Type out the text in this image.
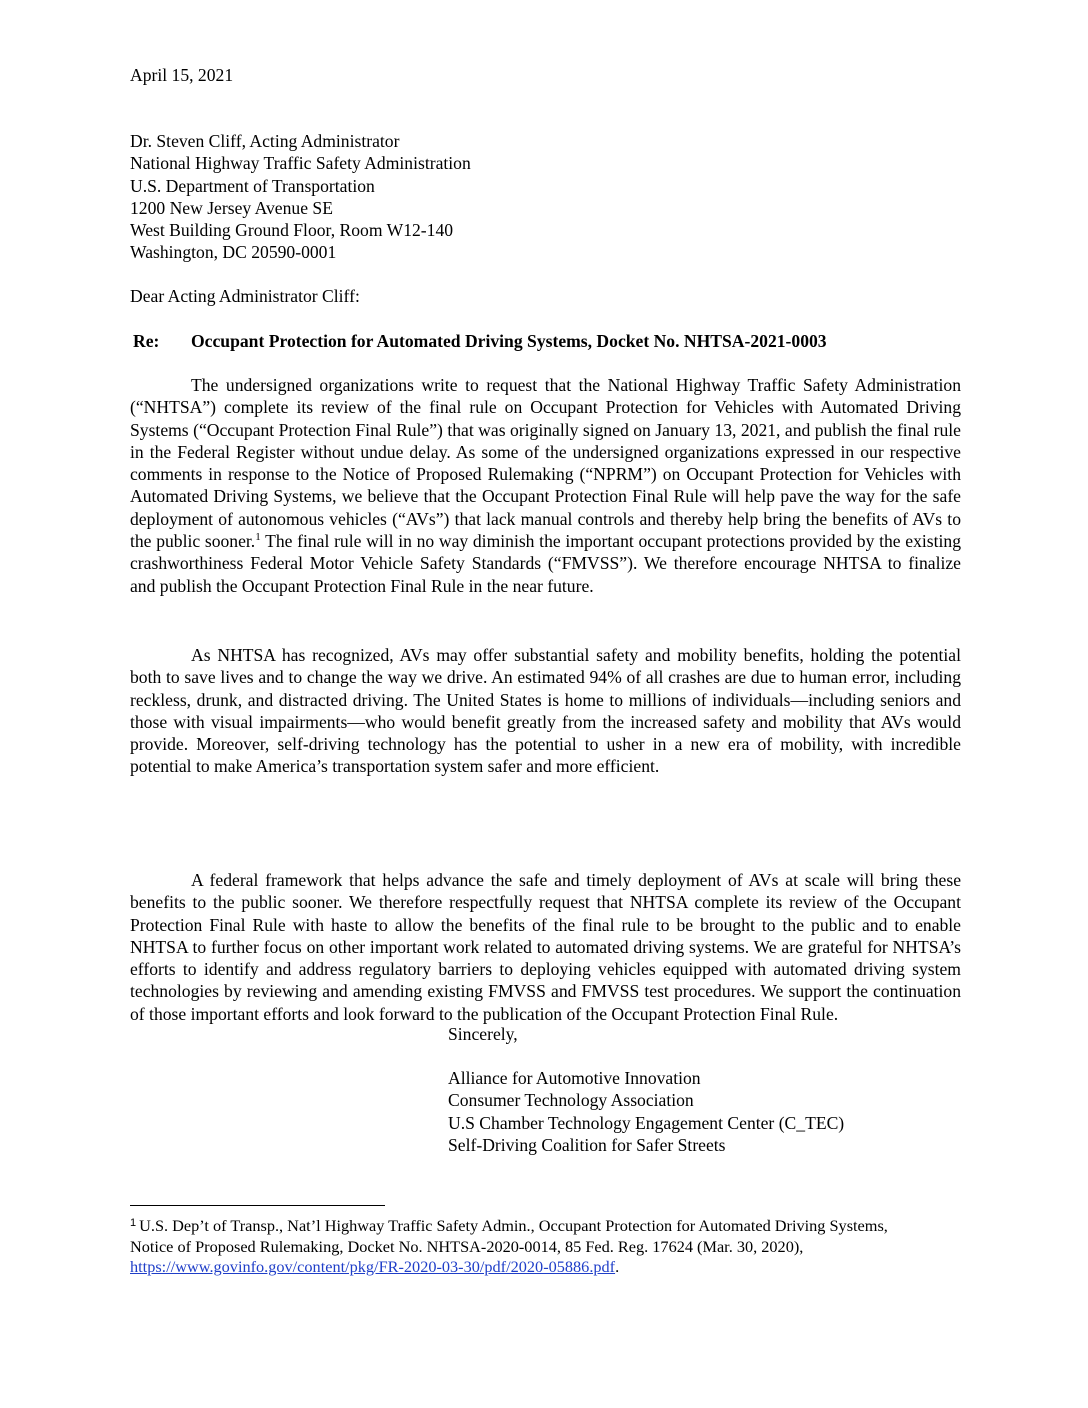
April 15, 2021

Dr. Steven Cliff, Acting Administrator
National Highway Traffic Safety Administration
U.S. Department of Transportation
1200 New Jersey Avenue SE
West Building Ground Floor, Room W12-140
Washington, DC 20590-0001

Dear Acting Administrator Cliff:

Re: Occupant Protection for Automated Driving Systems, Docket No. NHTSA-2021-0003

The undersigned organizations write to request that the National Highway Traffic Safety Administration (“NHTSA”) complete its review of the final rule on Occupant Protection for Vehicles with Automated Driving Systems (“Occupant Protection Final Rule”) that was originally signed on January 13, 2021, and publish the final rule in the Federal Register without undue delay. As some of the undersigned organizations expressed in our respective comments in response to the Notice of Proposed Rulemaking (“NPRM”) on Occupant Protection for Vehicles with Automated Driving Systems, we believe that the Occupant Protection Final Rule will help pave the way for the safe deployment of autonomous vehicles (“AVs”) that lack manual controls and thereby help bring the benefits of AVs to the public sooner.$^1$ The final rule will in no way diminish the important occupant protections provided by the existing crashworthiness Federal Motor Vehicle Safety Standards (“FMVSS”). We therefore encourage NHTSA to finalize and publish the Occupant Protection Final Rule in the near future.

As NHTSA has recognized, AVs may offer substantial safety and mobility benefits, holding the potential both to save lives and to change the way we drive. An estimated 94% of all crashes are due to human error, including reckless, drunk, and distracted driving. The United States is home to millions of individuals—including seniors and those with visual impairments—who would benefit greatly from the increased safety and mobility that AVs would provide. Moreover, self-driving technology has the potential to usher in a new era of mobility, with incredible potential to make America’s transportation system safer and more efficient.

A federal framework that helps advance the safe and timely deployment of AVs at scale will bring these benefits to the public sooner. We therefore respectfully request that NHTSA complete its review of the Occupant Protection Final Rule with haste to allow the benefits of the final rule to be brought to the public and to enable NHTSA to further focus on other important work related to automated driving systems. We are grateful for NHTSA’s efforts to identify and address regulatory barriers to deploying vehicles equipped with automated driving system technologies by reviewing and amending existing FMVSS and FMVSS test procedures. We support the continuation of those important efforts and look forward to the publication of the Occupant Protection Final Rule.

Sincerely,

Alliance for Automotive Innovation
Consumer Technology Association
U.S Chamber Technology Engagement Center (C_TEC)
Self-Driving Coalition for Safer Streets

$^1$ U.S. Dep’t of Transp., Nat’l Highway Traffic Safety Admin., Occupant Protection for Automated Driving Systems, Notice of Proposed Rulemaking, Docket No. NHTSA-2020-0014, 85 Fed. Reg. 17624 (Mar. 30, 2020), https://www.govinfo.gov/content/pkg/FR-2020-03-30/pdf/2020-05886.pdf.
